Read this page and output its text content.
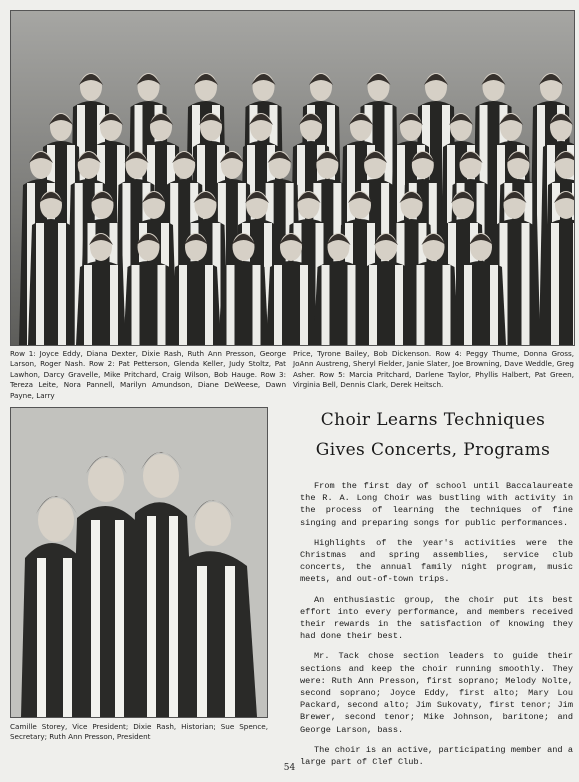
Row 1: Joyce Eddy, Diana Dexter, Dixie Rash, Ruth Ann Presson, George Larson, Roger Nash. Row 2: Pat Petterson, Glenda Keller, Judy Stoltz, Pat Lawhon, Darcy Gravelle, Mike Pritchard, Craig Wilson, Bob Hauge. Row 3: Tereza Leite, Nora Pannell, Marilyn Amundson, Diane DeWeese, Dawn Payne, Larry
Price, Tyrone Bailey, Bob Dickenson. Row 4: Peggy Thume, Donna Gross, JoAnn Austreng, Sheryl Fielder, Janie Slater, Joe Browning, Dave Weddle, Greg Asher. Row 5: Marcia Pritchard, Darlene Taylor, Phyllis Halbert, Pat Green, Virginia Bell, Dennis Clark, Derek Heitsch.
Camille Storey, Vice President; Dixie Rash, Historian; Sue Spence, Secretary; Ruth Ann Presson, President
Choir Learns Techniques
Gives Concerts, Programs

From the first day of school until Baccalaureate the R. A. Long Choir was bustling with activity in the process of learning the techniques of fine singing and preparing songs for public performances.

Highlights of the year's activities were the Christmas and spring assemblies, service club concerts, the annual family night program, music meets, and out-of-town trips.

An enthusiastic group, the choir put its best effort into every performance, and members received their rewards in the satisfaction of knowing they had done their best.

Mr. Tack chose section leaders to guide their sections and keep the choir running smoothly. They were: Ruth Ann Presson, first soprano; Melody Nolte, second soprano; Joyce Eddy, first alto; Mary Lou Packard, second alto; Jim Sukovaty, first tenor; Jim Brewer, second tenor; Mike Johnson, baritone; and George Larson, bass.

The choir is an active, participating member and a large part of Clef Club.

54
